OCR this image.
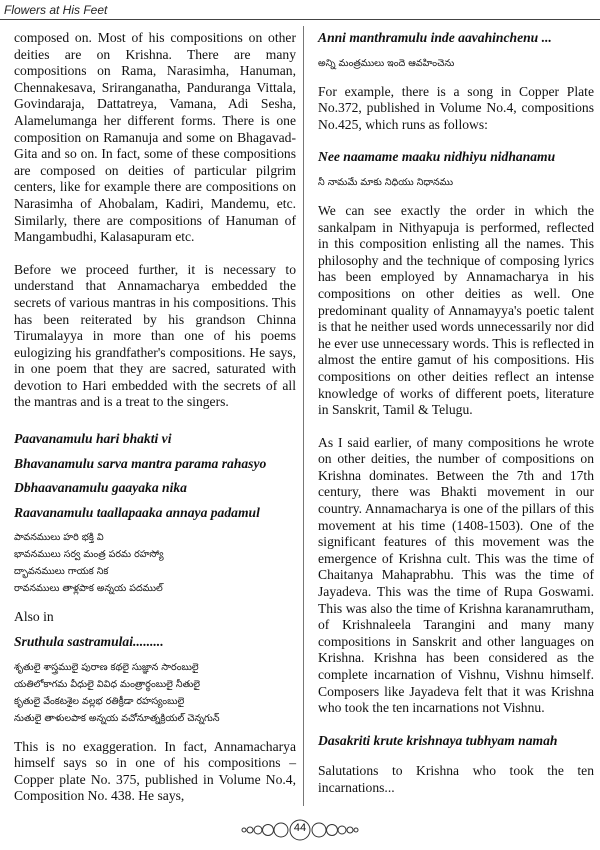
Flowers at His Feet

composed on. Most of his compositions on other deities are on Krishna. There are many compositions on Rama, Narasimha, Hanuman, Chennakesava, Sriranganatha, Panduranga Vittala, Govindaraja, Dattatreya, Vamana, Adi Sesha, Alamelumanga her different forms. There is one composition on Ramanuja and some on Bhagavad-Gita and so on. In fact, some of these compositions are composed on deities of particular pilgrim centers, like for example there are compositions on Narasimha of Ahobalam, Kadiri, Mandemu, etc. Similarly, there are compositions of Hanuman of Mangambudhi, Kalasapuram etc.

Before we proceed further, it is necessary to understand that Annamacharya embedded the secrets of various mantras in his compositions. This has been reiterated by his grandson Chinna Tirumalayya in more than one of his poems eulogizing his grandfather's compositions. He says, in one poem that they are sacred, saturated with devotion to Hari embedded with the secrets of all the mantras and is a treat to the singers.

Paavanamulu hari bhakti vi
Bhavanamulu sarva mantra parama rahasyo
Dbhaavanamulu gaayaka nika
Raavanamulu taallapaaka annaya padamul
పావనములు హరి భక్తి వి
భావనములు సర్వ మంత్ర పరమ రహస్యో
ద్భావనములు గాయక నిక
రావనములు తాళ్లపాక అన్నయ పదముల్

Also in

Sruthula sastramulai.........
శృతులై శాస్త్రములై పురాణ కథలై సుజ్ఞాన సారంబులై
యతిలోకాగమ వీధులై వివిధ మంత్రార్థంబులై నీతులై
కృతులై వేంకటశైల వల్లభ రతిక్రీడా రహస్యంబులై
నుతులై తాళులపాక అన్నయ వచోనూత్నక్రియల్ చెన్నగున్

This is no exaggeration. In fact, Annamacharya himself says so in one of his compositions – Copper plate No. 375, published in Volume No.4, Composition No. 438. He says,

Anni manthramulu inde aavahinchenu ...
అన్ని మంత్రములు ఇందె ఆవహించెను

For example, there is a song in Copper Plate No.372, published in Volume No.4, compositions No.425, which runs as follows:

Nee naamame maaku nidhiyu nidhanamu
నీ నామమే మాకు నిధియు నిధానము

We can see exactly the order in which the sankalpam in Nithyapuja is performed, reflected in this composition enlisting all the names. This philosophy and the technique of composing lyrics has been employed by Annamacharya in his compositions on other deities as well. One predominant quality of Annamayya's poetic talent is that he neither used words unnecessarily nor did he ever use unnecessary words. This is reflected in almost the entire gamut of his compositions. His compositions on other deities reflect an intense knowledge of works of different poets, literature in Sanskrit, Tamil & Telugu.

As I said earlier, of many compositions he wrote on other deities, the number of compositions on Krishna dominates. Between the 7th and 17th century, there was Bhakti movement in our country. Annamacharya is one of the pillars of this movement at his time (1408-1503). One of the significant features of this movement was the emergence of Krishna cult. This was the time of Chaitanya Mahaprabhu. This was the time of Jayadeva. This was the time of Rupa Goswami. This was also the time of Krishna karanamrutham, of Krishnaleela Tarangini and many many compositions in Sanskrit and other languages on Krishna. Krishna has been considered as the complete incarnation of Vishnu, Vishnu himself. Composers like Jayadeva felt that it was Krishna who took the ten incarnations not Vishnu.

Dasakriti krute krishnaya tubhyam namah

Salutations to Krishna who took the ten incarnations...

44
